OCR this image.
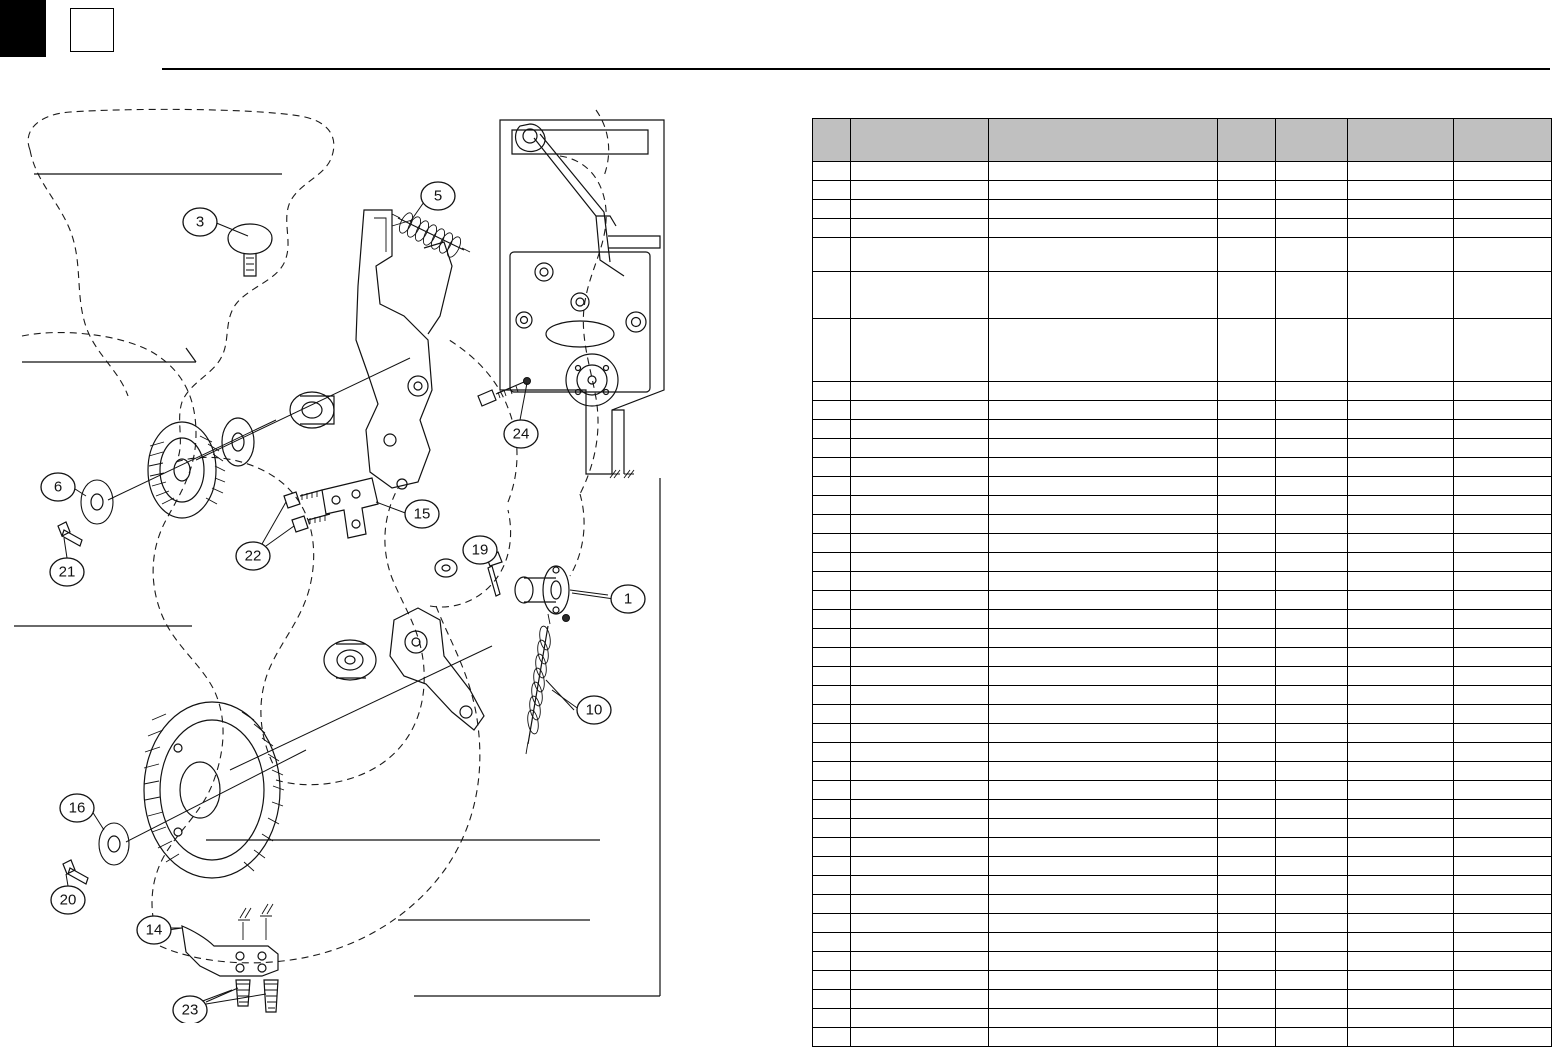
3
5
6
21
22
15
24
19
1
10
16
20
14
23
